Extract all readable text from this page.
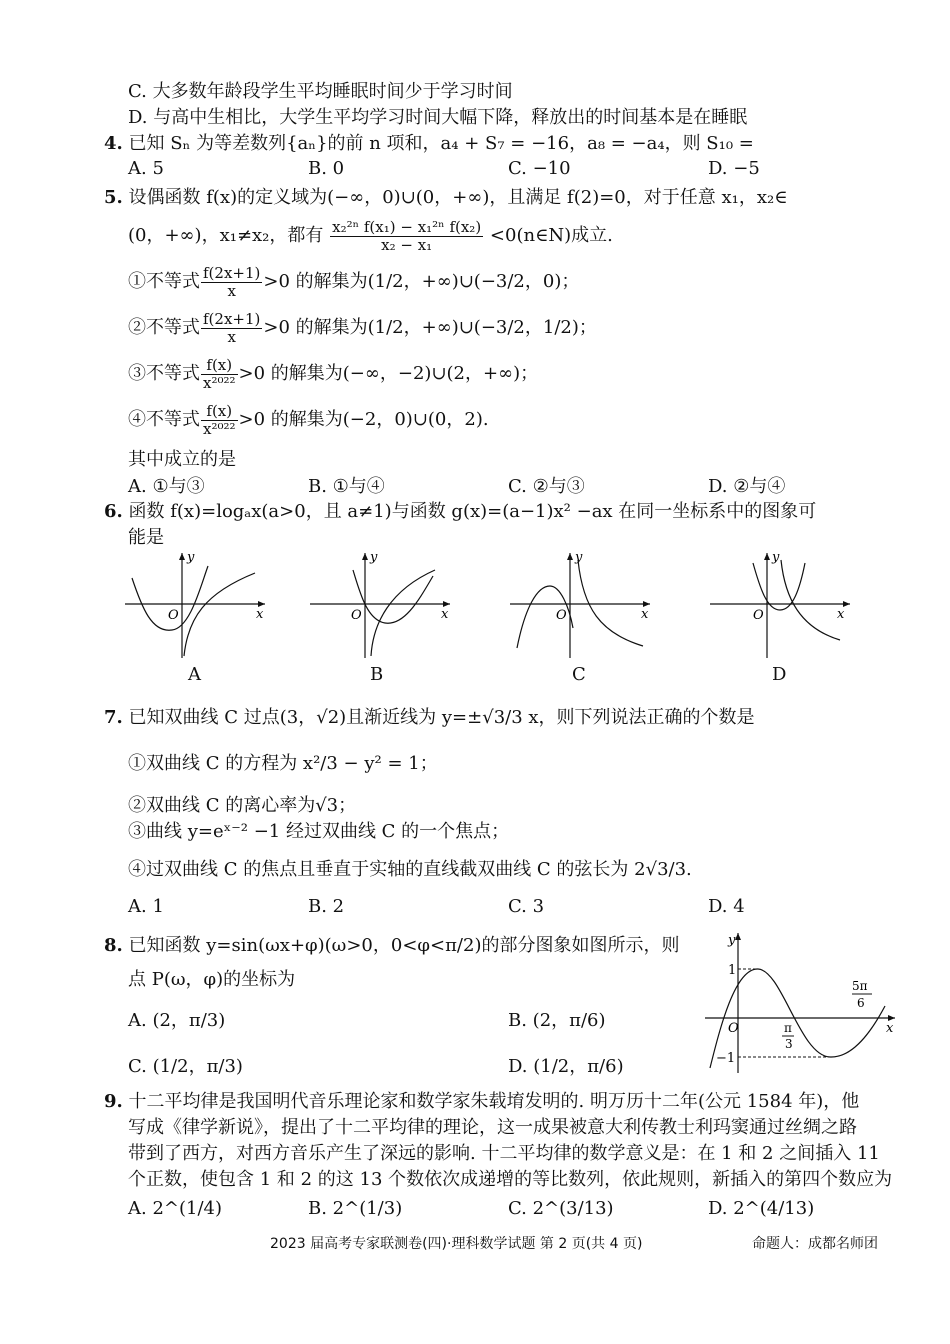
C. 大多数年龄段学生平均睡眠时间少于学习时间
D. 与高中生相比，大学生平均学习时间大幅下降，释放出的时间基本是在睡眠
4. 已知 Sₙ 为等差数列{aₙ}的前 n 项和，a₄ + S₇ = −16，a₈ = −a₄，则 S₁₀ =
A. 5	B. 0	C. −10	D. −5
5. 设偶函数 f(x)的定义域为(−∞，0)∪(0，+∞)，且满足 f(2)=0，对于任意 x₁，x₂∈
(0，+∞)，x₁≠x₂，都有 $\frac{\text{x₂²ⁿ f(x₁) − x₁²ⁿ f(x₂)}}{\text{x₂ − x₁}}$ <0(n∈N)成立.
①不等式 $\frac{f(2x+1)}{x} >0$ 的解集为(1/2，+∞)∪(−3/2，0)；
②不等式 $\frac{f(2x+1)}{x} >0$ 的解集为(1/2，+∞)∪(−3/2，1/2)；
③不等式 $\frac{f(x)}{\text{x²⁰²²}} >0$ 的解集为(−∞，−2)∪(2，+∞)；
④不等式 $\frac{f(x)}{\text{x²⁰²²}} >0$ 的解集为(−2，0)∪(0，2).
其中成立的是
A. ①与③	B. ①与④	C. ②与③	D. ②与④
6. 函数 f(x)=logₐx(a>0，且 a≠1)与函数 g(x)=(a−1)x² −ax 在同一坐标系中的图象可
能是
y
x
O
A
y
x
O
B
y
x
O
C
y
x
O
D
7. 已知双曲线 C 过点(3，√2)且渐近线为 y=±√3/3 x，则下列说法正确的个数是
①双曲线 C 的方程为 x²/3 − y² = 1；
②双曲线 C 的离心率为√3；
③曲线 y=eˣ⁻² −1 经过双曲线 C 的一个焦点；
④过双曲线 C 的焦点且垂直于实轴的直线截双曲线 C 的弦长为 2√3/3.
A. 1	B. 2	C. 3	D. 4
8. 已知函数 y=sin(ωx+φ)(ω>0，0<φ<π/2)的部分图象如图所示，则
点 P(ω，φ)的坐标为
A. (2，π/3)	B. (2，π/6)
C. (1/2，π/3)	D. (1/2，π/6)
y
x
O
1
−1
π
3
5π
6
9. 十二平均律是我国明代音乐理论家和数学家朱载堉发明的. 明万历十二年(公元 1584 年)，他
写成《律学新说》，提出了十二平均律的理论，这一成果被意大利传教士利玛窦通过丝绸之路
带到了西方，对西方音乐产生了深远的影响. 十二平均律的数学意义是：在 1 和 2 之间插入 11
个正数，使包含 1 和 2 的这 13 个数依次成递增的等比数列，依此规则，新插入的第四个数应为
A. 2^(1/4)	B. 2^(1/3)	C. 2^(3/13)	D. 2^(4/13)
2023 届高考专家联测卷(四)·理科数学试题 第 2 页(共 4 页)	命题人：成都名师团
